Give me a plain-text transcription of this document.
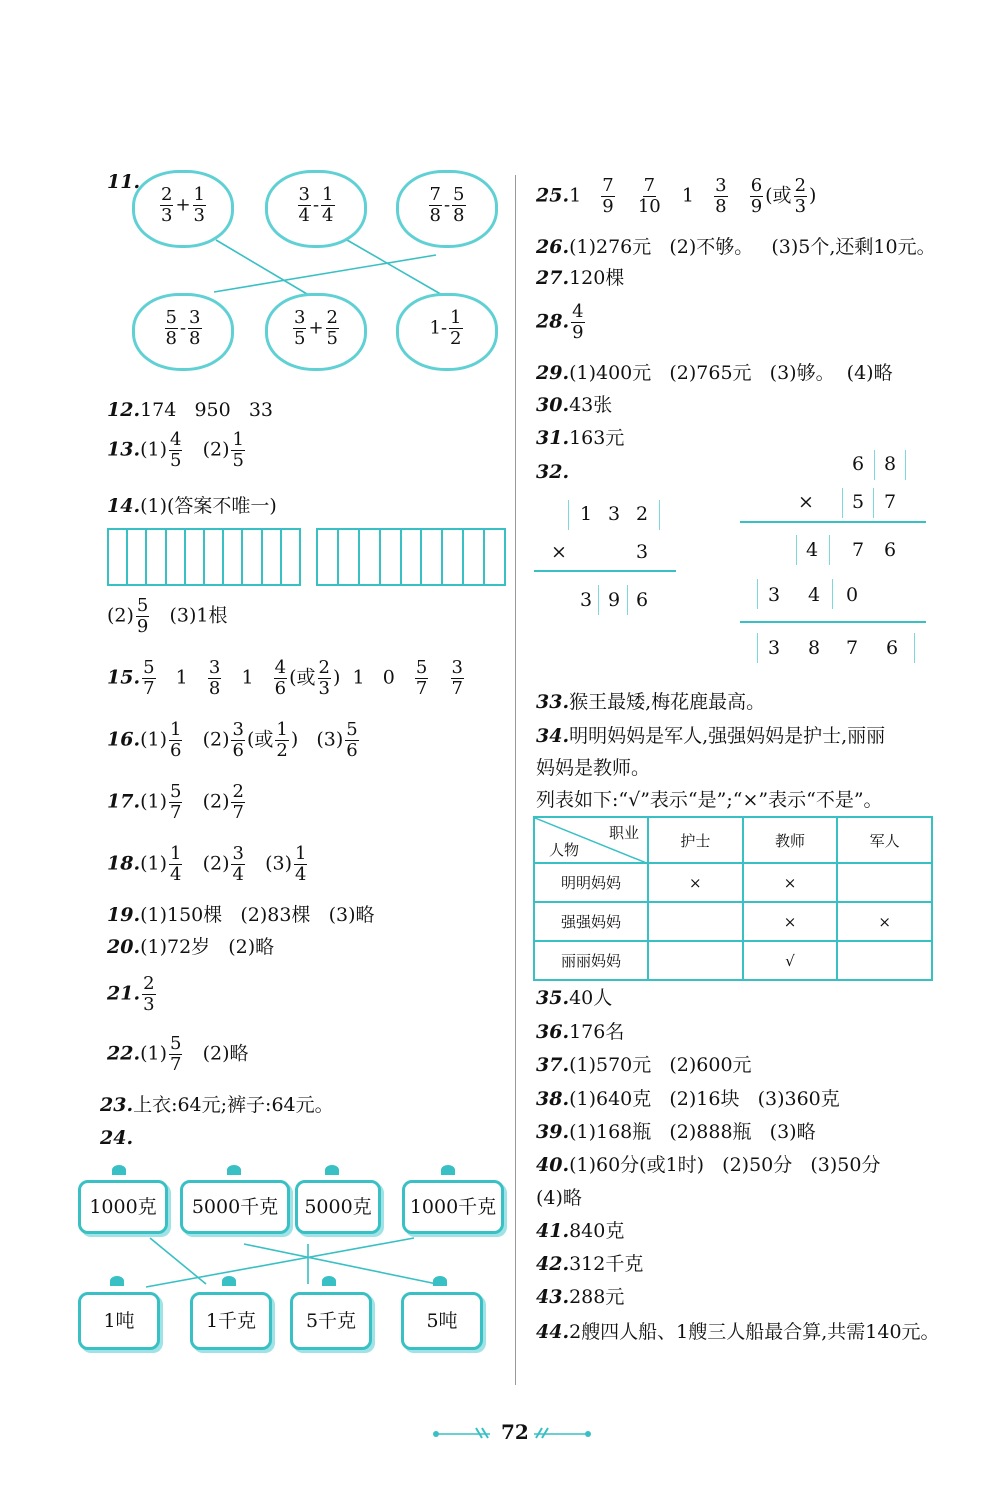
11.
$\frac{2}{3} + \frac{1}{3}$	$\frac{3}{4} - \frac{1}{4}$	$\frac{7}{8} - \frac{5}{8}$
$\frac{5}{8} - \frac{3}{8}$	$\frac{3}{5} + \frac{2}{5}$	$1- \frac{1}{2}$
12.174   950   33
$13.(1) \frac{4}{5} (2) \frac{1}{5}$
14.(1)(答案不唯一)
$(2) \frac{5}{9} (3)1$根
15. $\frac{5}{7} 1 \frac{3}{8} 1 \frac{4}{6}$ (或 $\frac{2}{3}$ ) 1   $0 \frac{5}{7}$
$\frac{3}{7}$
$16.(1) \frac{1}{6} (2) \frac{3}{6}$ (或 $\frac{1}{2}$ ) $(3) \frac{5}{6}$
$17.(1) \frac{5}{7} (2) \frac{2}{7}$
$18.(1) \frac{1}{4} (2) \frac{3}{4} (3) \frac{1}{4}$
19.(1)150棵   (2)83棵   (3)略
20.(1)72岁   (2)略
21. $\frac{2}{3}$
$22.(1) \frac{5}{7} (2)$略
23.上衣:64元;裤子:64元。
24.
1000克	5000千克	5000克	1000千克
1吨	1千克	5千克	5吨
$25.1 \frac{7}{9}$
$\frac{7}{10} 1 \frac{3}{8}$
$\frac{6}{9}$ (或 $\frac{2}{3}$ )
26.(1)276元   (2)不够。   (3)5个,还剩10元。
27.120棵
28. $\frac{4}{9}$
29.(1)400元   (2)765元   (3)够。  (4)略
30.43张
31.163元
32.
1 3 2
×	3
3 9 6
6	8
×	5	7
4	7	6
3	4	0
3	8	7	6
33.猴王最矮,梅花鹿最高。
34.明明妈妈是军人,强强妈妈是护士,丽丽
妈妈是教师。
列表如下:“√”表示“是”;“×”表示“不是”。
职业
人物	护士	教师	军人
明明妈妈	×	×	
强强妈妈		×	×
丽丽妈妈		√	
35.40人
36.176名
37.(1)570元   (2)600元
38.(1)640克   (2)16块   (3)360克
39.(1)168瓶   (2)888瓶   (3)略
40.(1)60分(或1时)   (2)50分   (3)50分
(4)略
41.840克
42.312千克
43.288元
44.2艘四人船、1艘三人船最合算,共需140元。
72
